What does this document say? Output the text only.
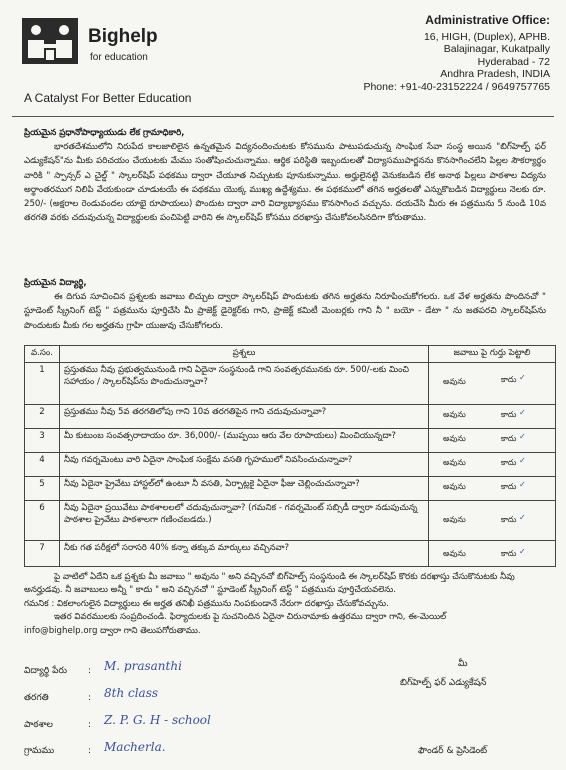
Bighelp
for education
A Catalyst For Better Education
Administrative Office:
16, HIGH, (Duplex), APHB.
Balajinagar, Kukatpally
Hyderabad - 72
Andhra Pradesh, INDIA
Phone: +91-40-23152224 / 9649757765
ప్రియమైన ప్రధానోపాధ్యాయుడు లేక గ్రామాధికారి,
భారతదేశములోని నిరుపేద కాలజాలిలైన ఉన్నతమైన విద్యనందించుటకు కోసమును పాటుపడుచున్న సాంఘిక సేవా సంస్థ అయిన "బిగ్‌హెల్ప్ ఫర్ ఎడ్యుకేషన్"ను మీకు పరిచయం చేయుటకు మేము సంతోషించుచున్నాము. ఆర్థిక పరిస్థితి ఇబ్బందులతో విద్యాసముపార్జనను కొనసాగించలేని పిల్లల సౌకర్యార్థం వారికి " స్పాన్సర్ ఎ చైల్డ్ " స్కాలర్‌షిప్ పథకము ద్వారా చేయూత నిచ్చుటకు పూనుకున్నాము. అర్హులైనట్టి వెనుకబడిన లేక అనాథ పిల్లలు పాఠశాల విద్యను అర్థాంతరముగ నిలిపి వేయకుండా చూడుటయే ఈ పథకము యొక్క ముఖ్య ఉద్దేశ్యము. ఈ పథకములో తగిన అర్హతలతో ఎన్నుకొబడిన విద్యార్థులు నెలకు రూ. 250/- (అక్షరాల రెండువందల యాభై రూపాయలు) పొందుట ద్వారా వారి విద్యాభ్యాసము కొనసాగించ వచ్చును. దయచేసి మీరు ఈ పత్రమును 5 నుండి 10వ తరగతి వరకు చదువుచున్న విద్యార్థులకు పంచిపెట్టి వారిని ఈ స్కాలర్‌షిప్ కోసము దరఖాస్తు చేసుకోవలసినదిగా కోరుతాము.
ప్రియమైన విద్యార్థి,
ఈ దిగువ సూచించిన ప్రశ్నలకు జవాబు లిచ్చుట ద్వారా స్కాలర్‌షిప్ పొందుటకు తగిన అర్హతను నిరూపించుకోగలరు. ఒక వేళ అర్హతను పొందినచో " స్టూడెంట్ స్క్రీనింగ్ టెస్ట్ " పత్రమును పూర్తిచేసి మీ ప్రాజెక్ట్ డైరెక్టర్‌కు గాని, ప్రాజెక్ట్ కమిటీ మెంబర్లకు గాని నీ " బయో - డేటా " ను జతపరచి స్కాలర్‌షిప్‌ను పొందుటకు మీకు గల అర్హతను గ్రాహి యుజువు చేసుకోగలరు.
వ.సం.	ప్రశ్నలు	జవాబు పై గుర్తు పెట్టాలి
1	ప్రస్తుతము నీవు ప్రభుత్వమునుండి గాని ఏదైనా సంస్థనుండి గాని సంవత్సరమునకు రూ. 500/-లకు మించి సహాయం / స్కాలర్‌షిప్‌ను పొందుచున్నావా?	అవును కాదు ✓

2	ప్రస్తుతము నీవు 5వ తరగతిలోపు గాని 10వ తరగతిపైన గాని చదువుచున్నావా?	అవును కాదు ✓

3	మీ కుటుంబ సంవత్సరాదాయం రూ. 36,000/- (ముప్పయి ఆరు వేల రూపాయలు) మించియున్నదా?	అవును కాదు ✓

4	నీవు గవర్నమెంటు వారి ఏదైనా సాంఘిక సంక్షేమ వసతి గృహములో నివసించుచున్నావా?	అవును కాదు ✓

5	నీవు ఏదైనా ప్రైవేటు హాస్టల్‌లో ఉంటూ నీ వసతి, ఏర్పాట్లకై ఏదైనా ఫీజు చెల్లించుచున్నావా?	అవును కాదు ✓

6	నీవు ఏదైనా ప్రయివేటు పాఠశాలలలో చదువుచున్నావా? (గమనిక - గవర్నమెంట్ సబ్సిడీ ద్వారా నడుపుచున్న పాఠశాల ప్రైవేటు పాఠశాలగా గణించబడదు.)	అవును కాదు ✓

7	నీకు గత పరీక్షలో సరాసరి 40% కన్నా తక్కువ మార్కులు వచ్చినవా?	అవును కాదు ✓
పై వాటిలో ఏదేని ఒక ప్రశ్నకు మీ జవాబు " అవును " అని వచ్చినచో బిగ్‌హెల్ప్ సంస్థనుండి ఈ స్కాలర్‌షిప్ కొరకు దరఖాస్తు చేసుకొనుటకు నీవు అనర్హుడవు. నీ జవాబులు అన్నీ " కాదు " అని వచ్చినచో " స్టూడెంట్ స్క్రీనింగ్ టెస్ట్ " పత్రమును పూర్తిచేయవలెను.
గమనిక : వికలాంగులైన విద్యార్థులు ఈ అర్హత తనిఖీ పత్రమును నింపకుండానే నేరుగా దరఖాస్తు చేసుకోవచ్చును.
ఇతర వివరములకు సంప్రదించండి. ఫిర్యాదులకు పై సుచనిందిన ఏదైనా చిరునామాకు ఉత్తరము ద్వారా గాని, ఈ-మెయిల్
info@bighelp.org ద్వారా గాని తెలుపగోరుతాము.
విద్యార్థి పేరు : M. prasanthi
తరగతి	: 8th class
పాఠశాల	: Z. P. G. H - school
గ్రామము	: Macherla.
మీ
బిగ్‌హెల్ప్ ఫర్ ఎడ్యుకేషన్
ఫౌండర్ & ప్రెసిడెంట్
